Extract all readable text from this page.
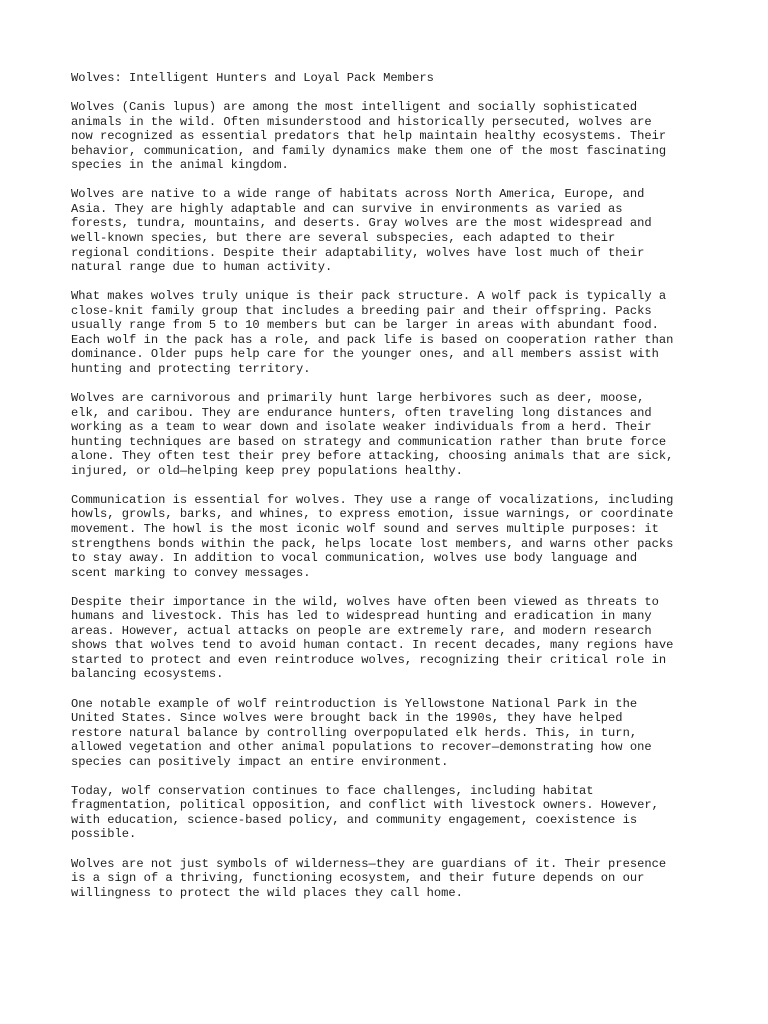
Wolves: Intelligent Hunters and Loyal Pack Members
Wolves (Canis lupus) are among the most intelligent and socially sophisticated
animals in the wild. Often misunderstood and historically persecuted, wolves are
now recognized as essential predators that help maintain healthy ecosystems. Their
behavior, communication, and family dynamics make them one of the most fascinating
species in the animal kingdom.
Wolves are native to a wide range of habitats across North America, Europe, and
Asia. They are highly adaptable and can survive in environments as varied as
forests, tundra, mountains, and deserts. Gray wolves are the most widespread and
well-known species, but there are several subspecies, each adapted to their
regional conditions. Despite their adaptability, wolves have lost much of their
natural range due to human activity.
What makes wolves truly unique is their pack structure. A wolf pack is typically a
close-knit family group that includes a breeding pair and their offspring. Packs
usually range from 5 to 10 members but can be larger in areas with abundant food.
Each wolf in the pack has a role, and pack life is based on cooperation rather than
dominance. Older pups help care for the younger ones, and all members assist with
hunting and protecting territory.
Wolves are carnivorous and primarily hunt large herbivores such as deer, moose,
elk, and caribou. They are endurance hunters, often traveling long distances and
working as a team to wear down and isolate weaker individuals from a herd. Their
hunting techniques are based on strategy and communication rather than brute force
alone. They often test their prey before attacking, choosing animals that are sick,
injured, or old—helping keep prey populations healthy.
Communication is essential for wolves. They use a range of vocalizations, including
howls, growls, barks, and whines, to express emotion, issue warnings, or coordinate
movement. The howl is the most iconic wolf sound and serves multiple purposes: it
strengthens bonds within the pack, helps locate lost members, and warns other packs
to stay away. In addition to vocal communication, wolves use body language and
scent marking to convey messages.
Despite their importance in the wild, wolves have often been viewed as threats to
humans and livestock. This has led to widespread hunting and eradication in many
areas. However, actual attacks on people are extremely rare, and modern research
shows that wolves tend to avoid human contact. In recent decades, many regions have
started to protect and even reintroduce wolves, recognizing their critical role in
balancing ecosystems.
One notable example of wolf reintroduction is Yellowstone National Park in the
United States. Since wolves were brought back in the 1990s, they have helped
restore natural balance by controlling overpopulated elk herds. This, in turn,
allowed vegetation and other animal populations to recover—demonstrating how one
species can positively impact an entire environment.
Today, wolf conservation continues to face challenges, including habitat
fragmentation, political opposition, and conflict with livestock owners. However,
with education, science-based policy, and community engagement, coexistence is
possible.
Wolves are not just symbols of wilderness—they are guardians of it. Their presence
is a sign of a thriving, functioning ecosystem, and their future depends on our
willingness to protect the wild places they call home.
